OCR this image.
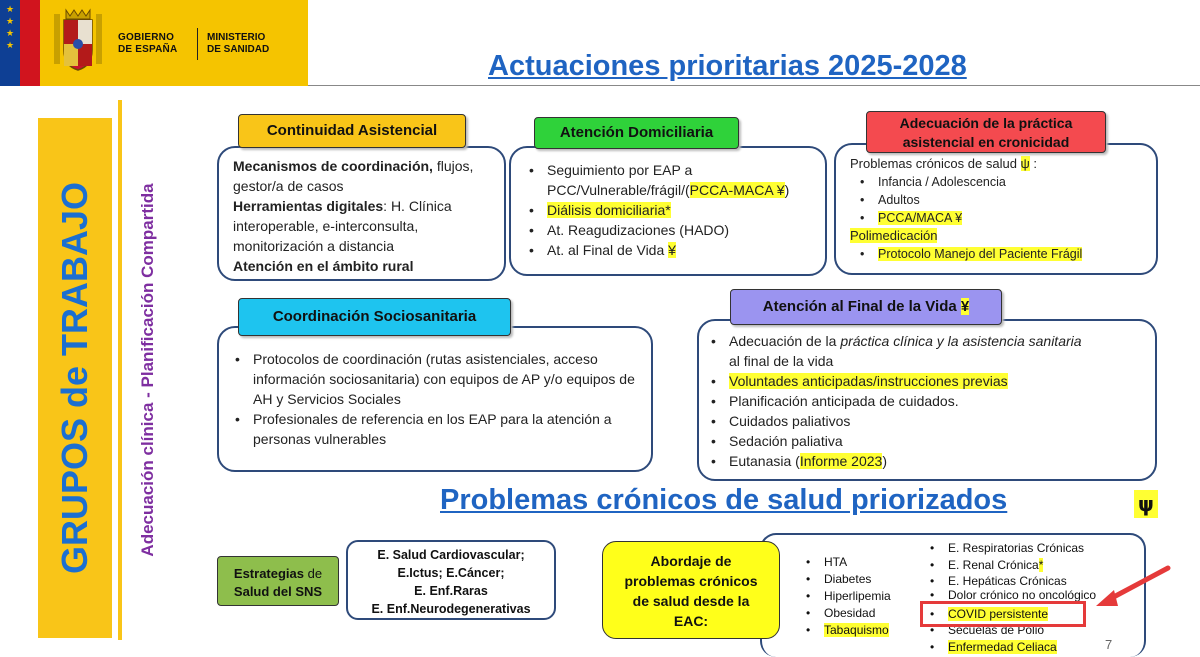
★
★
★
★
GOBIERNO
DE ESPAÑA
MINISTERIO
DE SANIDAD
Actuaciones prioritarias 2025-2028
GRUPOS de TRABAJO	Adecuación clínica - Planificación Compartida
Mecanismos de coordinación, flujos,
gestor/a de casos
Herramientas digitales: H. Clínica
interoperable, e-interconsulta,
monitorización a distancia
Atención en el ámbito rural
Continuidad Asistencial
• Seguimiento por EAP a
PCC/Vulnerable/frágil/(PCCA-MACA ¥)
• Diálisis domiciliaria*
• At. Reagudizaciones (HADO)
• At. al Final de Vida ¥
Atención Domiciliaria
Problemas crónicos de salud ψ :
• Infancia / Adolescencia
• Adultos
• PCCA/MACA ¥
Polimedicación
• Protocolo Manejo del Paciente Frágil
Adecuación de la práctica asistencial en cronicidad
• Protocolos de coordinación (rutas asistenciales, acceso información sociosanitaria) con equipos de AP y/o equipos de AH y Servicios Sociales
• Profesionales de referencia en los EAP para la atención a personas vulnerables
Coordinación Sociosanitaria
• Adecuación de la práctica clínica y la asistencia sanitaria
al final de la vida
• Voluntades anticipadas/instrucciones previas
• Planificación anticipada de cuidados.
• Cuidados paliativos
• Sedación paliativa
• Eutanasia (Informe 2023)
Atención al Final de la Vida ¥
Problemas crónicos de salud priorizados	ψ
E. Salud Cardiovascular;
E.Ictus; E.Cáncer;
E. Enf.Raras
E. Enf.Neurodegenerativas
Estrategias de
Salud del SNS
• HTA
• Diabetes
• Hiperlipemia
• Obesidad
• Tabaquismo
• E. Respiratorias Crónicas
• E. Renal Crónica*
• E. Hepáticas Crónicas
• Dolor crónico no oncológico
• COVID persistente
• Secuelas de Polio
• Enfermedad Celiaca
Abordaje de
problemas crónicos
de salud desde la
EAC:
7
